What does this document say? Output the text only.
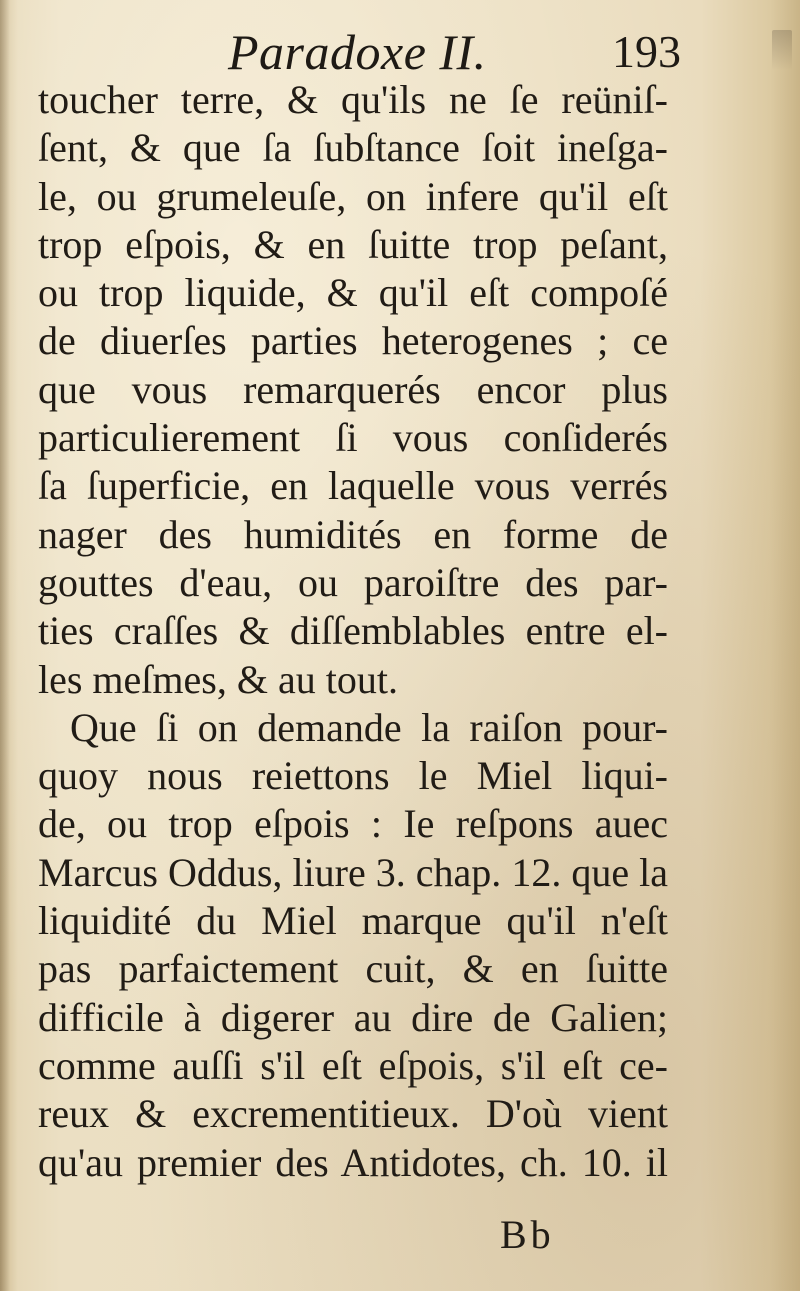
Paradoxe II.	193
toucher terre, & qu'ils ne ſe reüniſ-
ſent, & que ſa ſubſtance ſoit ineſga-
le, ou grumeleuſe, on infere qu'il eſt
trop eſpois, & en ſuitte trop peſant,
ou trop liquide, & qu'il eſt compoſé
de diuerſes parties heterogenes ; ce
que vous remarquerés encor plus
particulierement ſi vous conſiderés
ſa ſuperficie, en laquelle vous verrés
nager des humidités en forme de
gouttes d'eau, ou paroiſtre des par-
ties craſſes & diſſemblables entre el-
les meſmes, & au tout.
Que ſi on demande la raiſon pour-
quoy nous reiettons le Miel liqui-
de, ou trop eſpois : Ie reſpons auec
Marcus Oddus, liure 3. chap. 12. que la
liquidité du Miel marque qu'il n'eſt
pas parfaictement cuit, & en ſuitte
difficile à digerer au dire de Galien;
comme auſſi s'il eſt eſpois, s'il eſt ce-
reux & excrementitieux. D'où vient
qu'au premier des Antidotes, ch. 10. il
Bb
